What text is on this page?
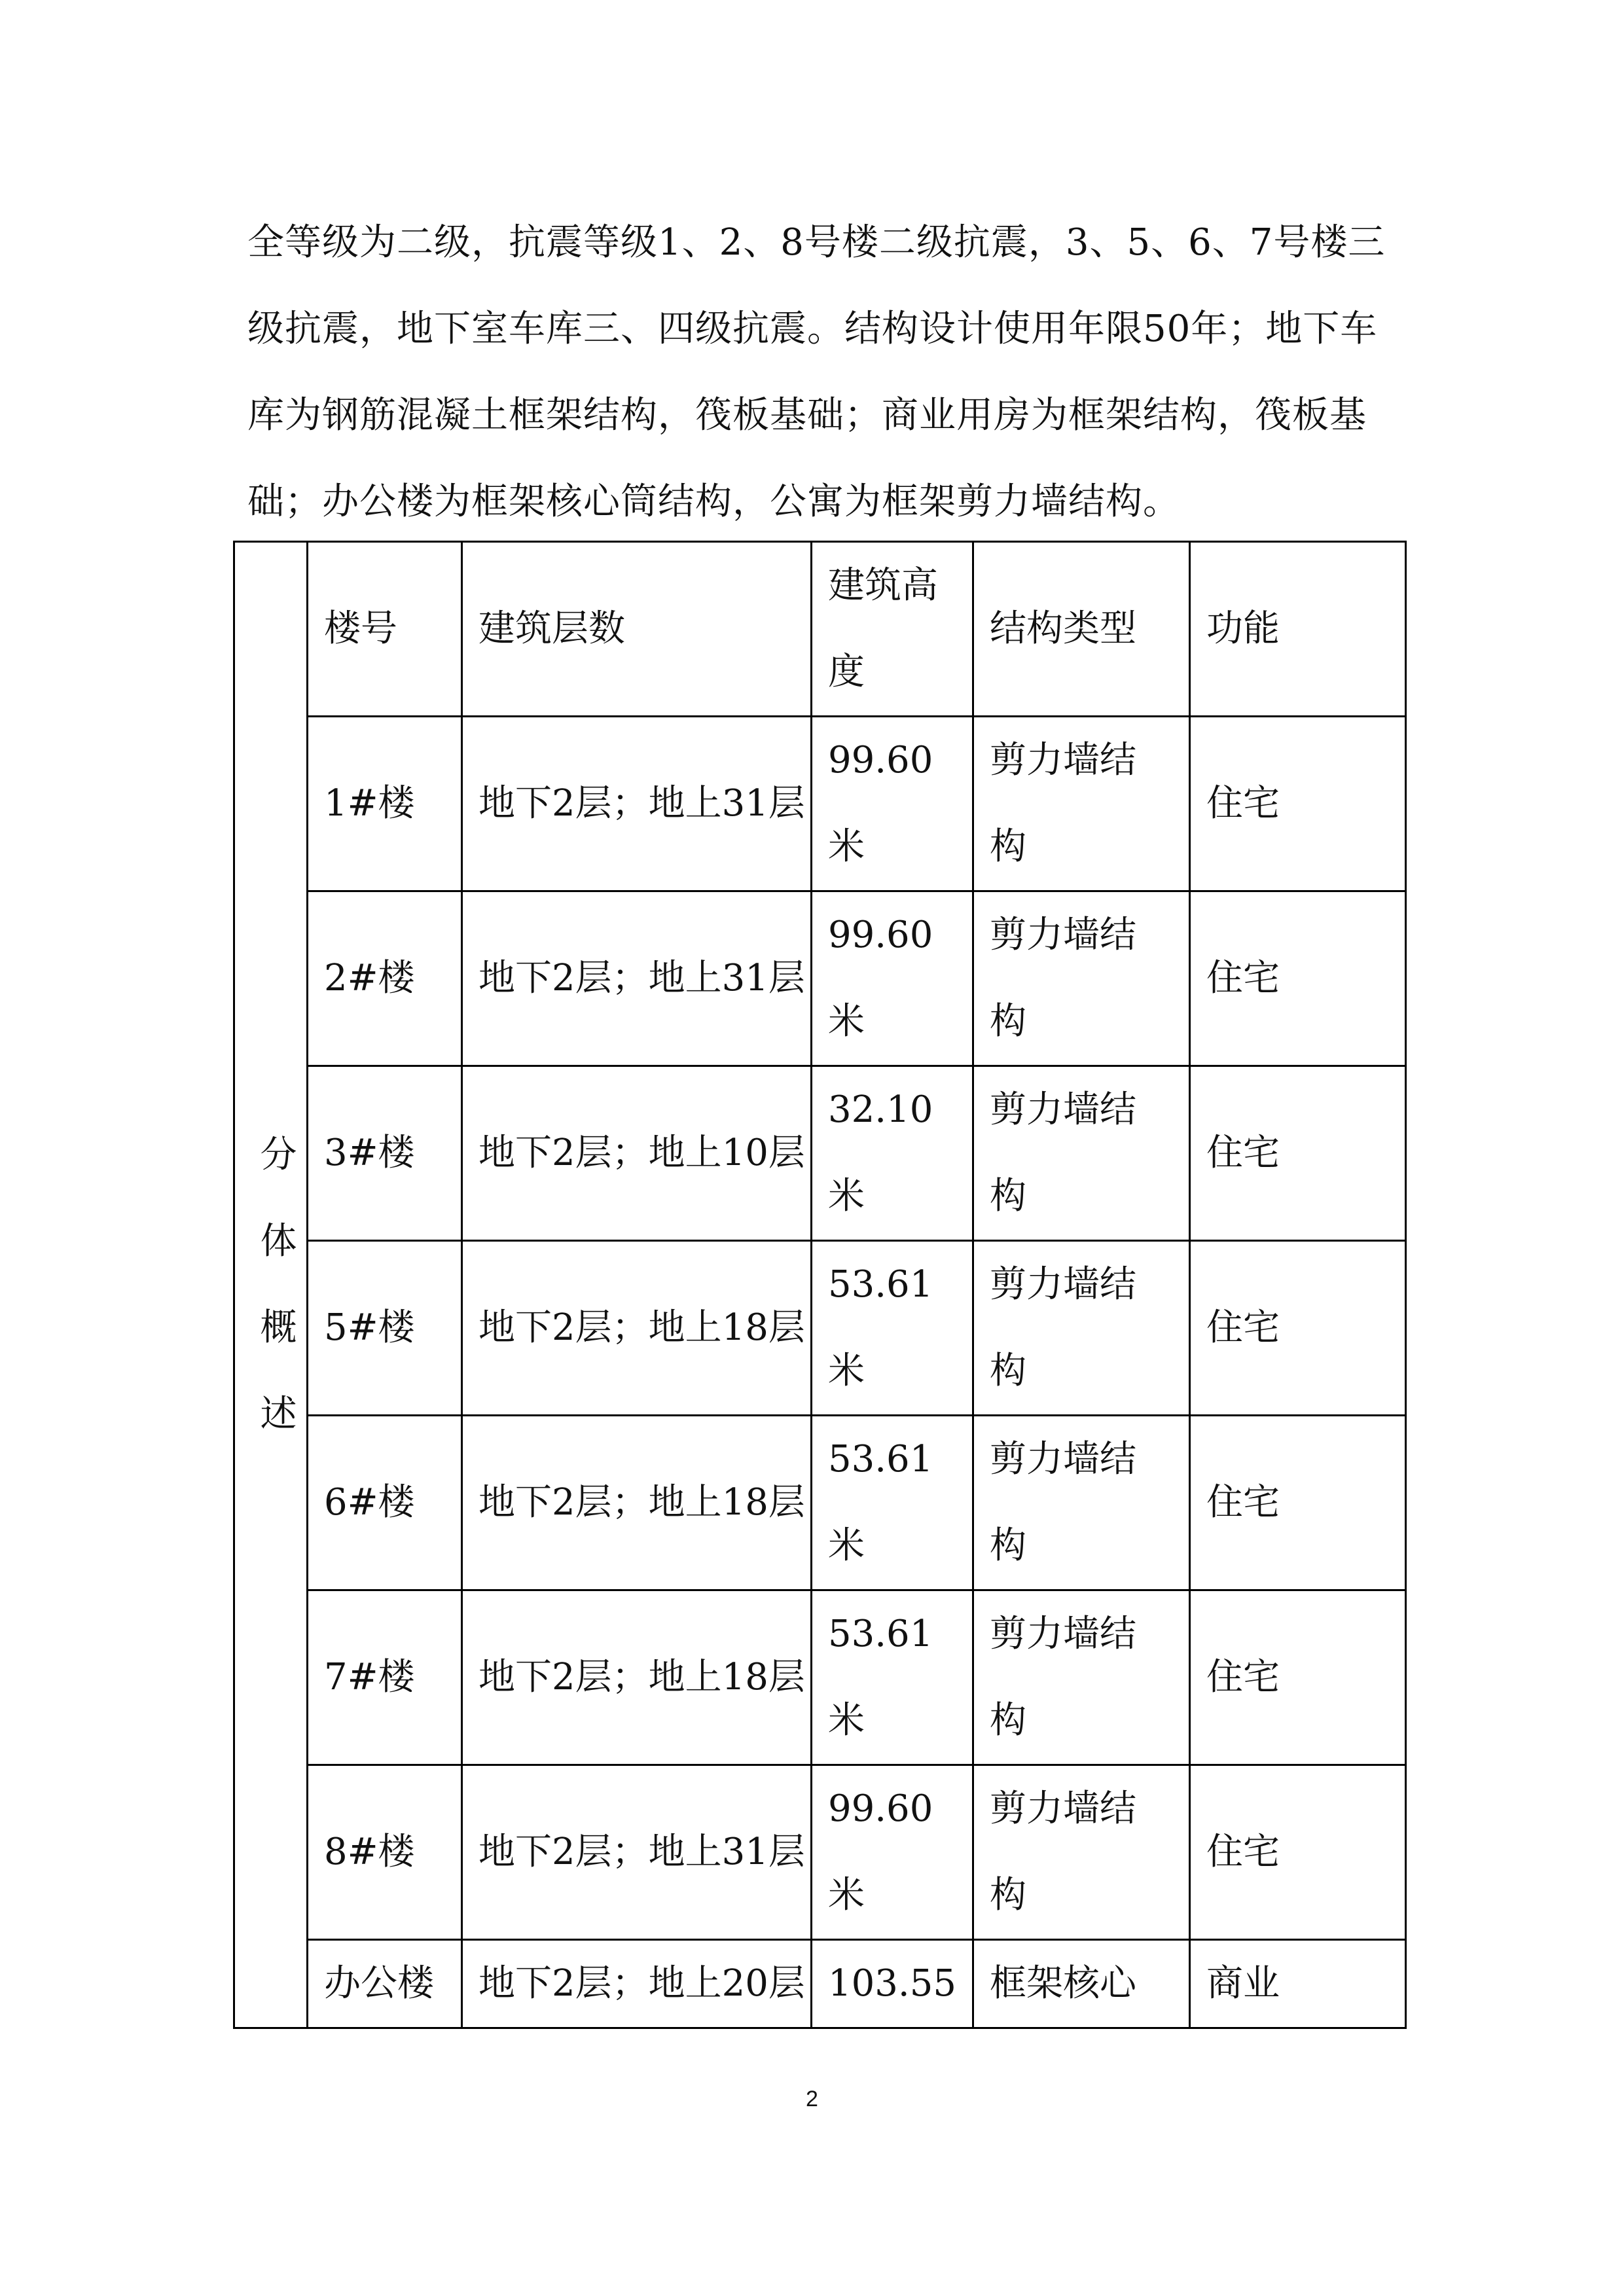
全等级为二级，抗震等级1、2、8号楼二级抗震，3、5、6、7号楼三
级抗震，地下室车库三、四级抗震。结构设计使用年限50年；地下车
库为钢筋混凝土框架结构，筏板基础；商业用房为框架结构，筏板基
础；办公楼为框架核心筒结构，公寓为框架剪力墙结构。
分体概述	楼号	建筑层数	建筑高
度	结构类型	功能
	1#楼	地下2层；地上31层	99.60
米	剪力墙结
构	住宅
	2#楼	地下2层；地上31层	99.60
米	剪力墙结
构	住宅
	3#楼	地下2层；地上10层	32.10
米	剪力墙结
构	住宅
	5#楼	地下2层；地上18层	53.61
米	剪力墙结
构	住宅
	6#楼	地下2层；地上18层	53.61
米	剪力墙结
构	住宅
	7#楼	地下2层；地上18层	53.61
米	剪力墙结
构	住宅
	8#楼	地下2层；地上31层	99.60
米	剪力墙结
构	住宅
	办公楼	地下2层；地上20层	103.55	框架核心	商业
2
